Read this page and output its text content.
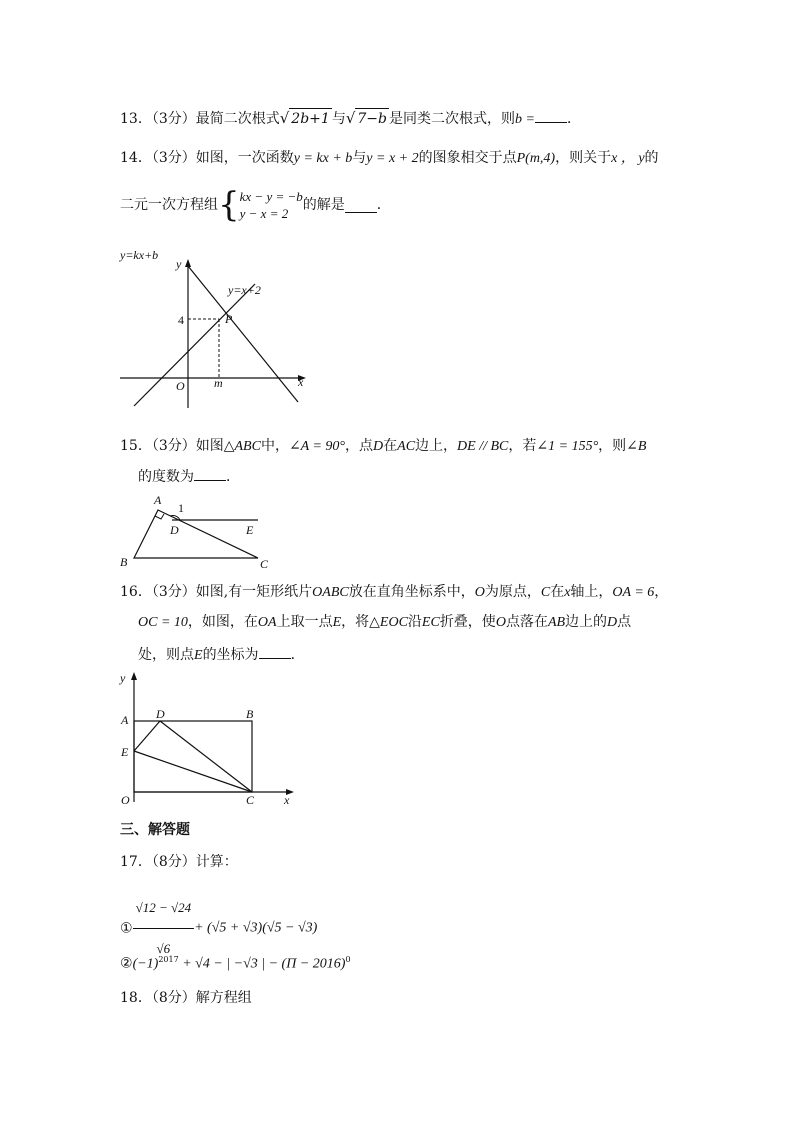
13．（3分）最简二次根式√ 2b+1 与√ 7−b 是同类二次根式，则b = ．
14．（3分）如图，一次函数y = kx + b与y = x + 2的图象相交于点P(m,4)，则关于x ， y的
二元一次方程组{ kx − y = −b
y − x = 2
的解是 ．
y=kx+b
y
y=x+2
4	P
O m	x
15．（3分）如图△ABC中，∠A = 90°，点D在AC边上，DE // BC，若∠1 = 155°，则∠B
的度数为 ．
A
1
D	E
B	C
16．（3分）如图,有一矩形纸片OABC放在直角坐标系中，O为原点，C在x轴上，OA = 6，
OC = 10，如图，在OA上取一点E，将△EOC沿EC折叠，使O点落在AB边上的D点
处，则点E的坐标为 ．
y
A D	B
E
O	C x
三、解答题
17．（8分）计算：
① $\frac{√12 - √24}{√6} + (√5 + √3)(√5 - √3)$
$②(-1)^{2017} + √4$ − | −√3 | − $(\Pi - 2016)^0$
18．（8分）解方程组
